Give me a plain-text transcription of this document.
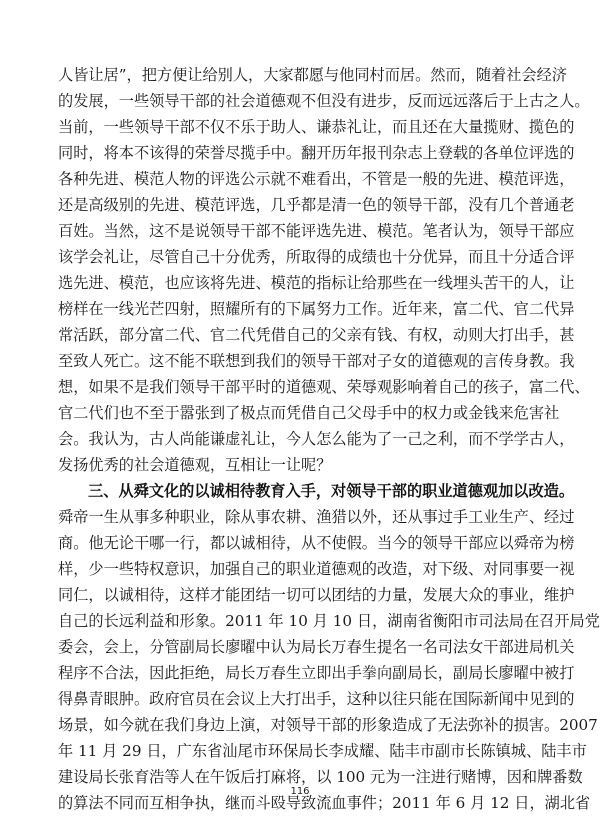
人皆让居”，把方便让给别人，大家都愿与他同村而居。然而，随着社会经济
的发展，一些领导干部的社会道德观不但没有进步，反而远远落后于上古之人。
当前，一些领导干部不仅不乐于助人、谦恭礼让，而且还在大量揽财、揽色的
同时，将本不该得的荣誉尽揽手中。翻开历年报刊杂志上登载的各单位评选的
各种先进、模范人物的评选公示就不难看出，不管是一般的先进、模范评选，
还是高级别的先进、模范评选，几乎都是清一色的领导干部，没有几个普通老
百姓。当然，这不是说领导干部不能评选先进、模范。笔者认为，领导干部应
该学会礼让，尽管自己十分优秀，所取得的成绩也十分优异，而且十分适合评
选先进、模范，也应该将先进、模范的指标让给那些在一线埋头苦干的人，让
榜样在一线光芒四射，照耀所有的下属努力工作。近年来，富二代、官二代异
常活跃，部分富二代、官二代凭借自己的父亲有钱、有权，动则大打出手，甚
至致人死亡。这不能不联想到我们的领导干部对子女的道德观的言传身教。我
想，如果不是我们领导干部平时的道德观、荣辱观影响着自己的孩子，富二代、
官二代们也不至于嚣张到了极点而凭借自己父母手中的权力或金钱来危害社
会。我认为，古人尚能谦虚礼让，今人怎么能为了一己之利，而不学学古人，
发扬优秀的社会道德观，互相让一让呢？
三、从舜文化的以诚相待教育入手，对领导干部的职业道德观加以改造。
舜帝一生从事多种职业，除从事农耕、渔猎以外，还从事过手工业生产、经过
商。他无论干哪一行，都以诚相待，从不使假。当今的领导干部应以舜帝为榜
样，少一些特权意识，加强自己的职业道德观的改造，对下级、对同事要一视
同仁，以诚相待，这样才能团结一切可以团结的力量，发展大众的事业，维护
自己的长远利益和形象。2011 年 10 月 10 日，湖南省衡阳市司法局在召开局党
委会，会上，分管副局长廖曜中认为局长万春生提名一名司法女干部进局机关
程序不合法，因此拒绝，局长万春生立即出手拳向副局长，副局长廖曜中被打
得鼻青眼肿。政府官员在会议上大打出手，这种以往只能在国际新闻中见到的
场景，如今就在我们身边上演，对领导干部的形象造成了无法弥补的损害。2007
年 11 月 29 日，广东省汕尾市环保局长李成耀、陆丰市副市长陈镇城、陆丰市
建设局长张育浩等人在午饭后打麻将，以 100 元为一注进行赌博，因和牌番数
的算法不同而互相争执，继而斗殴导致流血事件；2011 年 6 月 12 日，湖北省
116
